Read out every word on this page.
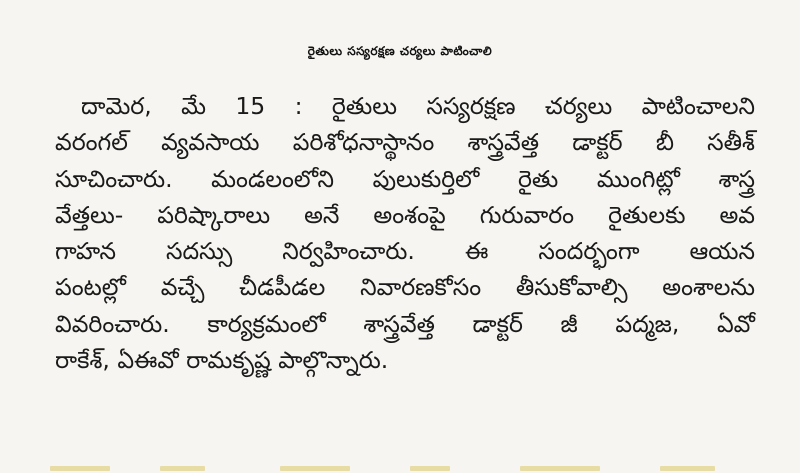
రైతులు సస్యరక్షణ చర్యలు పాటించాలి
దామెర, మే 15 : రైతులు సస్యరక్షణ చర్యలు పాటించాలని
వరంగల్ వ్యవసాయ పరిశోధనాస్థానం శాస్త్రవేత్త డాక్టర్ బీ సతీశ్
సూచించారు. మండలంలోని పులుకుర్తిలో రైతు ముంగిట్లో శాస్త్ర
వేత్తలు- పరిష్కారాలు అనే అంశంపై గురువారం రైతులకు అవ
గాహన సదస్సు నిర్వహించారు. ఈ సందర్భంగా ఆయన
పంటల్లో వచ్చే చీడపీడల నివారణకోసం తీసుకోవాల్సి అంశాలను
వివరించారు. కార్యక్రమంలో శాస్త్రవేత్త డాక్టర్ జీ పద్మజ, ఏవో
రాకేశ్, ఏఈవో రామకృష్ణ పాల్గొన్నారు.
